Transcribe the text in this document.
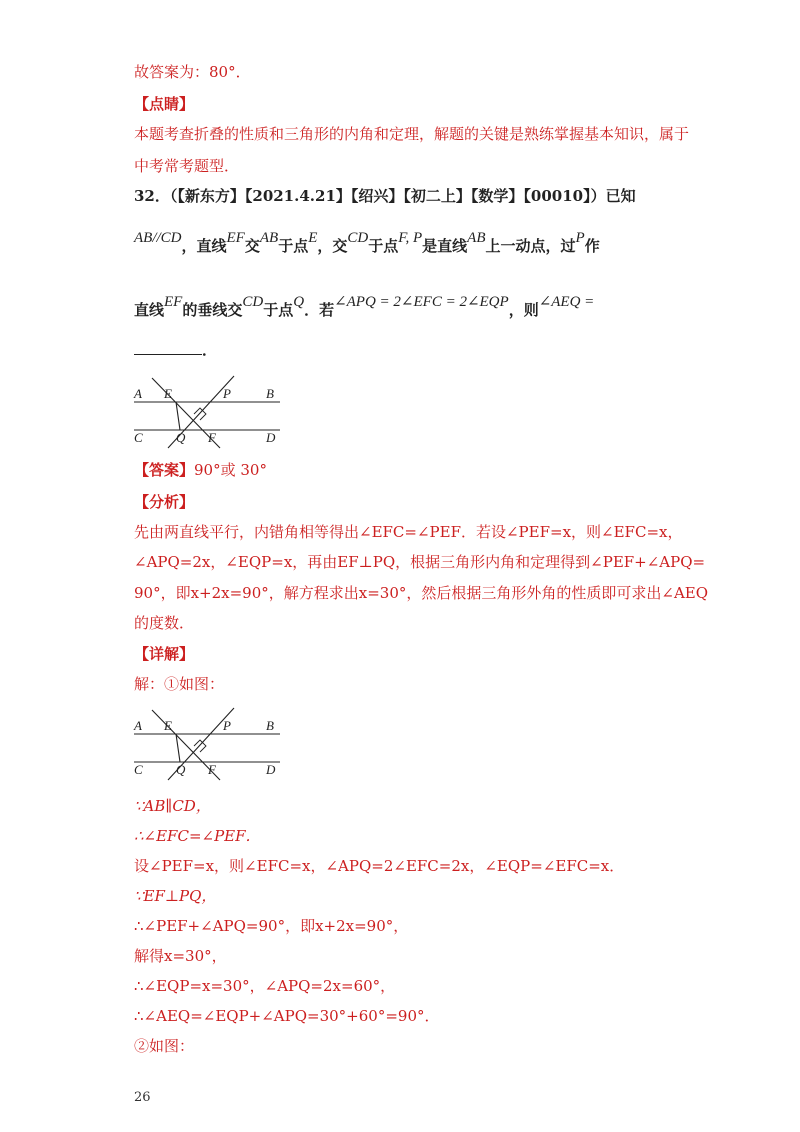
故答案为：80°．
【点睛】
本题考查折叠的性质和三角形的内角和定理，解题的关键是熟练掌握基本知识，属于
中考常考题型．
32．（【新东方】【2021.4.21】【绍兴】【初二上】【数学】【00010】）已知
AB//CD，直线EF交AB于点E，交CD于点F, P是直线AB上一动点，过P作
直线EF的垂线交CD于点Q．若∠APQ = 2∠EFC = 2∠EQP，则∠AEQ =
．
A E	P	B
C	Q F	D
【答案】90°或 30°
【分析】
先由两直线平行，内错角相等得出∠EFC=∠PEF．若设∠PEF=x，则∠EFC=x，
∠APQ=2x，∠EQP=x，再由EF⊥PQ，根据三角形内角和定理得到∠PEF+∠APQ=
90°，即x+2x=90°，解方程求出x=30°，然后根据三角形外角的性质即可求出∠AEQ
的度数．
【详解】
解：①如图：
A E	P	B
C	Q F	D
∵AB∥CD，
∴∠EFC=∠PEF．
设∠PEF=x，则∠EFC=x，∠APQ=2∠EFC=2x，∠EQP=∠EFC=x．
∵EF⊥PQ，
∴∠PEF+∠APQ=90°，即x+2x=90°，
解得x=30°，
∴∠EQP=x=30°，∠APQ=2x=60°，
∴∠AEQ=∠EQP+∠APQ=30°+60°=90°．
②如图：
26
